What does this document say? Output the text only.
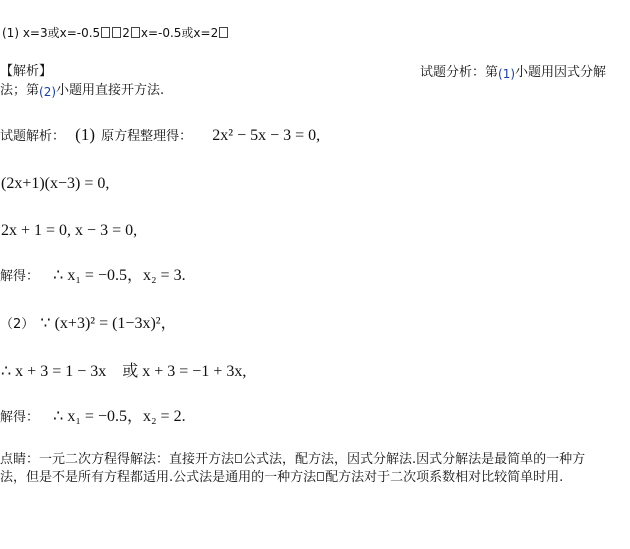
(1) x=3或x=-0.5 2 x=-0.5或x=2
【解析】	试题分析：第(1)小题用因式分解
法；第(2)小题用直接开方法.
试题解析： (1) 原方程整理得： 2x² − 5x − 3 = 0,
(2x+1)(x−3) = 0,
2x + 1 = 0, x − 3 = 0,
解得： ∴ x₁ = −0.5，x₂ = 3.
（2） ∵ (x+3)² = (1−3x)²，
∴ x + 3 = 1 − 3x　或 x + 3 = −1 + 3x,
解得： ∴ x₁ = −0.5，x₂ = 2.
点睛：一元二次方程得解法：直接开方法 公式法，配方法，因式分解法.因式分解法是最简单的一种方
法，但是不是所有方程都适用.公式法是通用的一种方法 配方法对于二次项系数相对比较简单时用.
